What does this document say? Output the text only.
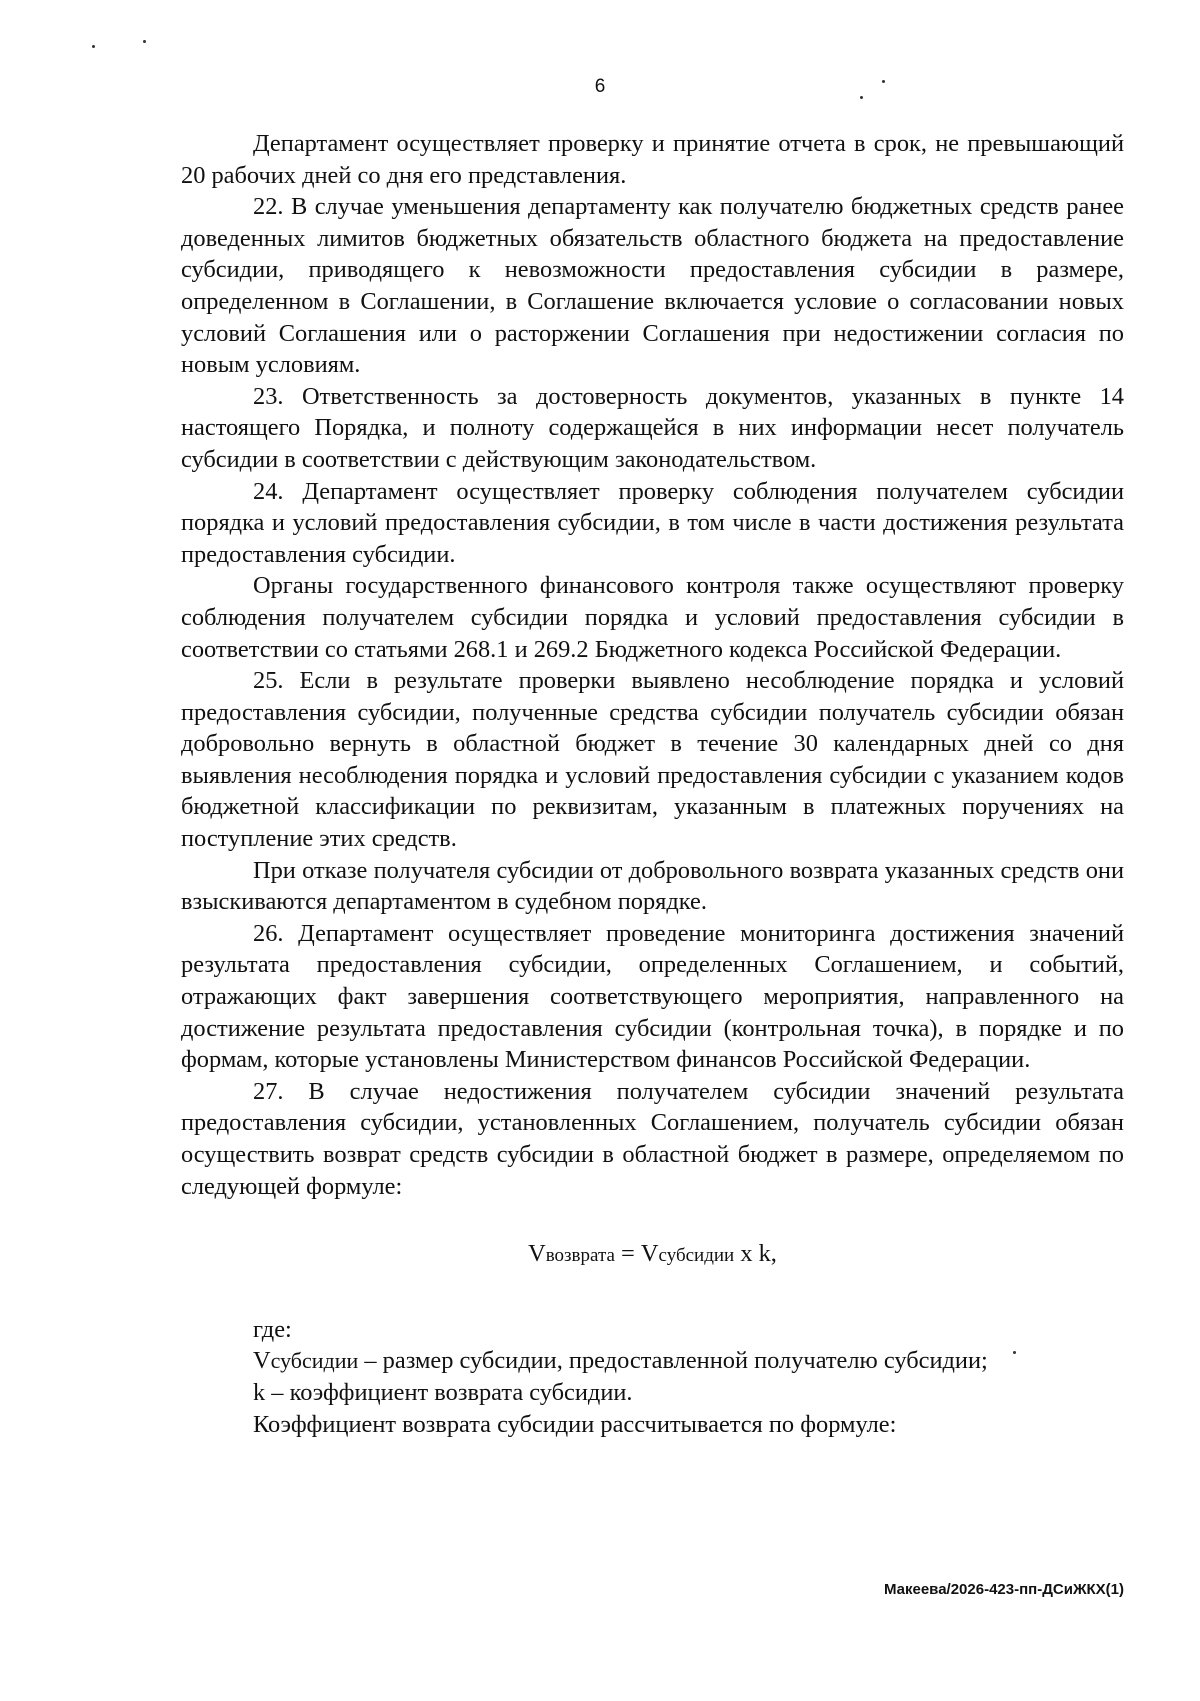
6

Департамент осуществляет проверку и принятие отчета в срок, не превышающий 20 рабочих дней со дня его представления.

22. В случае уменьшения департаменту как получателю бюджетных средств ранее доведенных лимитов бюджетных обязательств областного бюджета на предоставление субсидии, приводящего к невозможности предоставления субсидии в размере, определенном в Соглашении, в Соглашение включается условие о согласовании новых условий Соглашения или о расторжении Соглашения при недостижении согласия по новым условиям.

23. Ответственность за достоверность документов, указанных в пункте 14 настоящего Порядка, и полноту содержащейся в них информации несет получатель субсидии в соответствии с действующим законодательством.

24. Департамент осуществляет проверку соблюдения получателем субсидии порядка и условий предоставления субсидии, в том числе в части достижения результата предоставления субсидии.

Органы государственного финансового контроля также осуществляют проверку соблюдения получателем субсидии порядка и условий предоставления субсидии в соответствии со статьями 268.1 и 269.2 Бюджетного кодекса Российской Федерации.

25. Если в результате проверки выявлено несоблюдение порядка и условий предоставления субсидии, полученные средства субсидии получатель субсидии обязан добровольно вернуть в областной бюджет в течение 30 календарных дней со дня выявления несоблюдения порядка и условий предоставления субсидии с указанием кодов бюджетной классификации по реквизитам, указанным в платежных поручениях на поступление этих средств.

При отказе получателя субсидии от добровольного возврата указанных средств они взыскиваются департаментом в судебном порядке.

26. Департамент осуществляет проведение мониторинга достижения значений результата предоставления субсидии, определенных Соглашением, и событий, отражающих факт завершения соответствующего мероприятия, направленного на достижение результата предоставления субсидии (контрольная точка), в порядке и по формам, которые установлены Министерством финансов Российской Федерации.

27. В случае недостижения получателем субсидии значений результата предоставления субсидии, установленных Соглашением, получатель субсидии обязан осуществить возврат средств субсидии в областной бюджет в размере, определяемом по следующей формуле:

Vвозврата = Vсубсидии x k,

где:

Vсубсидии – размер субсидии, предоставленной получателю субсидии;

k – коэффициент возврата субсидии.

Коэффициент возврата субсидии рассчитывается по формуле:

Макеева/2026-423-пп-ДСиЖКХ(1)
